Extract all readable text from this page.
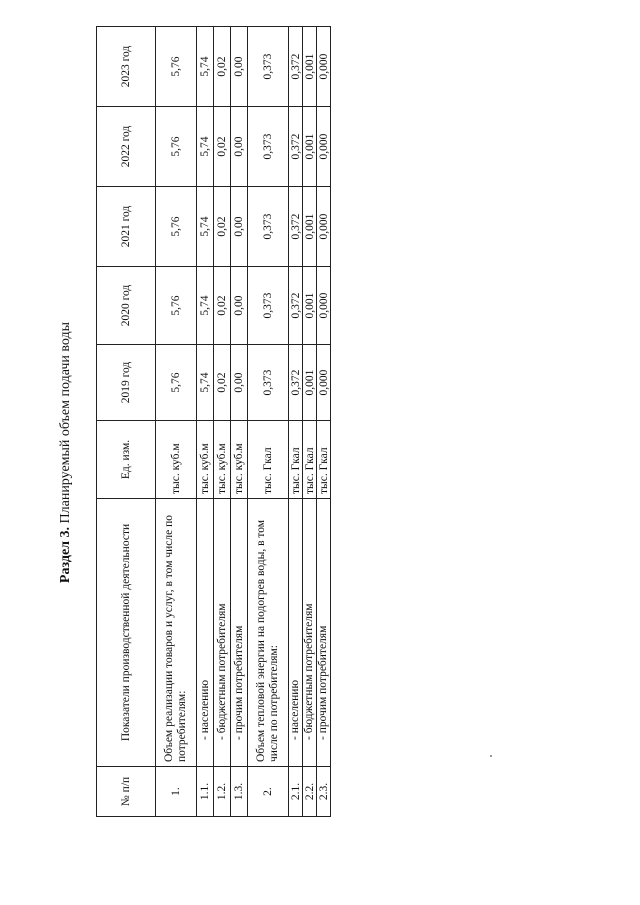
Раздел 3. Планируемый объем подачи воды
№ п/п	Показатели производственной деятельности	Ед. изм.	2019 год	2020 год	2021 год	2022 год	2023 год
1.	Объем реализации товаров и услуг, в том числе по потребителям:	тыс. куб.м	5,76	5,76	5,76	5,76	5,76
1.1.	- населению	тыс. куб.м	5,74	5,74	5,74	5,74	5,74
1.2.	- бюджетным потребителям	тыс. куб.м	0,02	0,02	0,02	0,02	0,02
1.3.	- прочим потребителям	тыс. куб.м	0,00	0,00	0,00	0,00	0,00
2.	Объем тепловой энергии на подогрев воды, в том числе по потребителям:	тыс. Гкал	0,373	0,373	0,373	0,373	0,373
2.1.	- населению	тыс. Гкал	0,372	0,372	0,372	0,372	0,372
2.2.	- бюджетным потребителям	тыс. Гкал	0,001	0,001	0,001	0,001	0,001
2.3.	- прочим потребителям	тыс. Гкал	0,000	0,000	0,000	0,000	0,000
